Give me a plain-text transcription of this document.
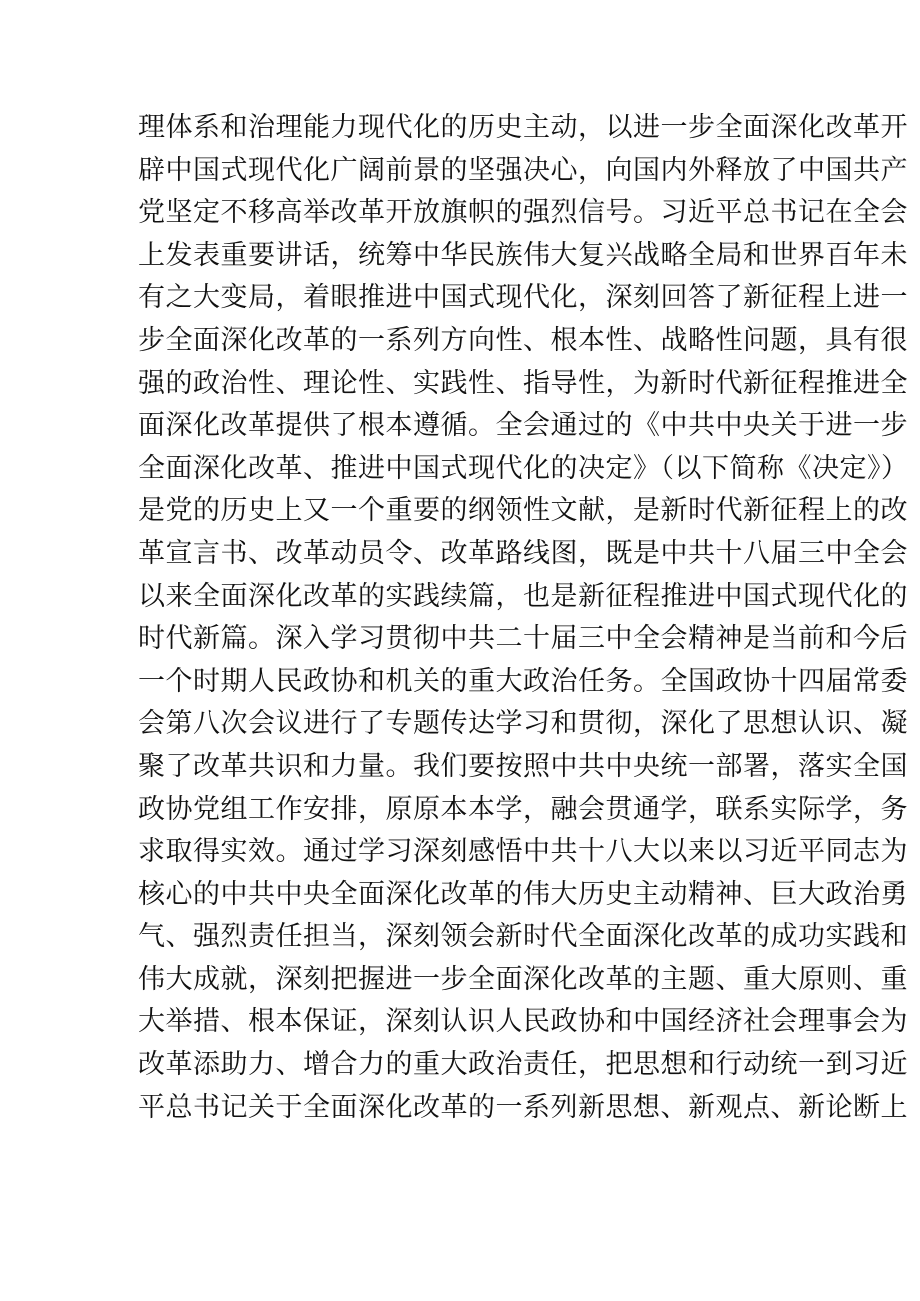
理体系和治理能力现代化的历史主动，以进一步全面深化改革开
辟中国式现代化广阔前景的坚强决心，向国内外释放了中国共产
党坚定不移高举改革开放旗帜的强烈信号。习近平总书记在全会
上发表重要讲话，统筹中华民族伟大复兴战略全局和世界百年未
有之大变局，着眼推进中国式现代化，深刻回答了新征程上进一
步全面深化改革的一系列方向性、根本性、战略性问题，具有很
强的政治性、理论性、实践性、指导性，为新时代新征程推进全
面深化改革提供了根本遵循。全会通过的《中共中央关于进一步
全面深化改革、推进中国式现代化的决定》（以下简称《决定》）
是党的历史上又一个重要的纲领性文献，是新时代新征程上的改
革宣言书、改革动员令、改革路线图，既是中共十八届三中全会
以来全面深化改革的实践续篇，也是新征程推进中国式现代化的
时代新篇。深入学习贯彻中共二十届三中全会精神是当前和今后
一个时期人民政协和机关的重大政治任务。全国政协十四届常委
会第八次会议进行了专题传达学习和贯彻，深化了思想认识、凝
聚了改革共识和力量。我们要按照中共中央统一部署，落实全国
政协党组工作安排，原原本本学，融会贯通学，联系实际学，务
求取得实效。通过学习深刻感悟中共十八大以来以习近平同志为
核心的中共中央全面深化改革的伟大历史主动精神、巨大政治勇
气、强烈责任担当，深刻领会新时代全面深化改革的成功实践和
伟大成就，深刻把握进一步全面深化改革的主题、重大原则、重
大举措、根本保证，深刻认识人民政协和中国经济社会理事会为
改革添助力、增合力的重大政治责任，把思想和行动统一到习近
平总书记关于全面深化改革的一系列新思想、新观点、新论断上
